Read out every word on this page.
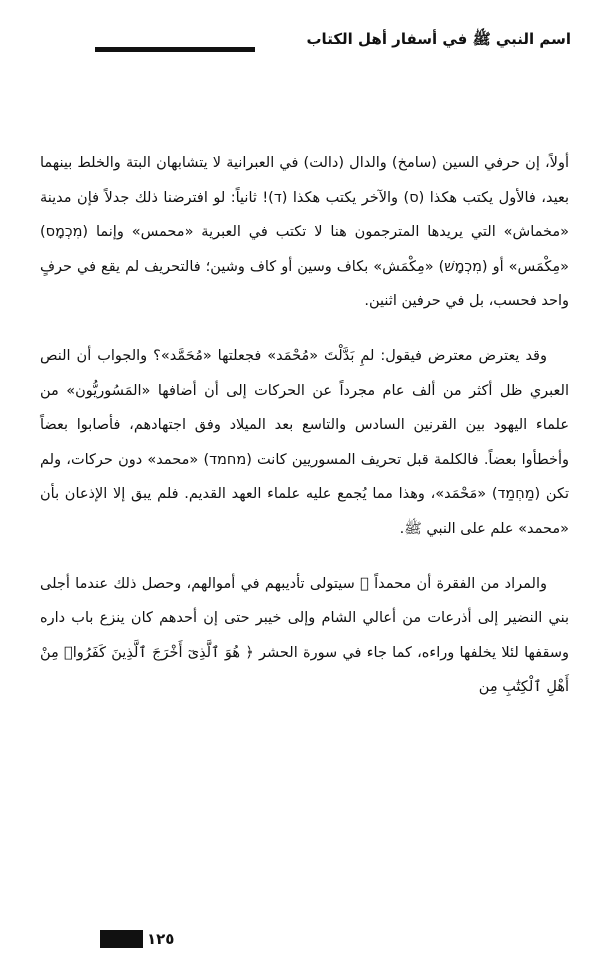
اسم النبي ﷺ في أسفار أهل الكتاب

أولاً، إن حرفي السين (سامخ) والدال (دالت) في العبرانية لا يتشابهان البتة والخلط بينهما بعيد، فالأول يكتب هكذا (ס) والآخر يكتب هكذا (ד)! ثانياً: لو افترضنا ذلك جدلاً فإن مدينة «مخماش» التي يريدها المترجمون هنا لا تكتب في العبرية «محمس» وإنما (מִכְמָס) «مِكْمَس» أو (מִכְמָשׁ) «مِكْمَش» بكاف وسين أو كاف وشين؛ فالتحريف لم يقع في حرفٍ واحد فحسب، بل في حرفين اثنين.

وقد يعترض معترض فيقول: لمِ بَدَّلْتَ «مُحْمَد» فجعلتها «مُحَمَّد»؟ والجواب أن النص العبري ظل أكثر من ألف عام مجرداً عن الحركات إلى أن أضافها «المَسُوريُّون» من علماء اليهود بين القرنين السادس والتاسع بعد الميلاد وفق اجتهادهم، فأصابوا بعضاً وأخطأوا بعضاً. فالكلمة قبل تحريف المسوريين كانت (מחמד) «محمد» دون حركات، ولم تكن (מַחְמַד) «مَحْمَد»، وهذا مما يُجمع عليه علماء العهد القديم. فلم يبق إلا الإذعان بأن «محمد» علم على النبي ﷺ.

والمراد من الفقرة أن محمداً ﷺ سيتولى تأديبهم في أموالهم، وحصل ذلك عندما أجلى بني النضير إلى أذرعات من أعالي الشام وإلى خيبر حتى إن أحدهم كان ينزع باب داره وسقفها لئلا يخلفها وراءه، كما جاء في سورة الحشر ﴿ هُوَ ٱلَّذِىٓ أَخْرَجَ ٱلَّذِينَ كَفَرُوا۟ مِنْ أَهْلِ ٱلْكِتَٰبِ مِن

١٢٥
